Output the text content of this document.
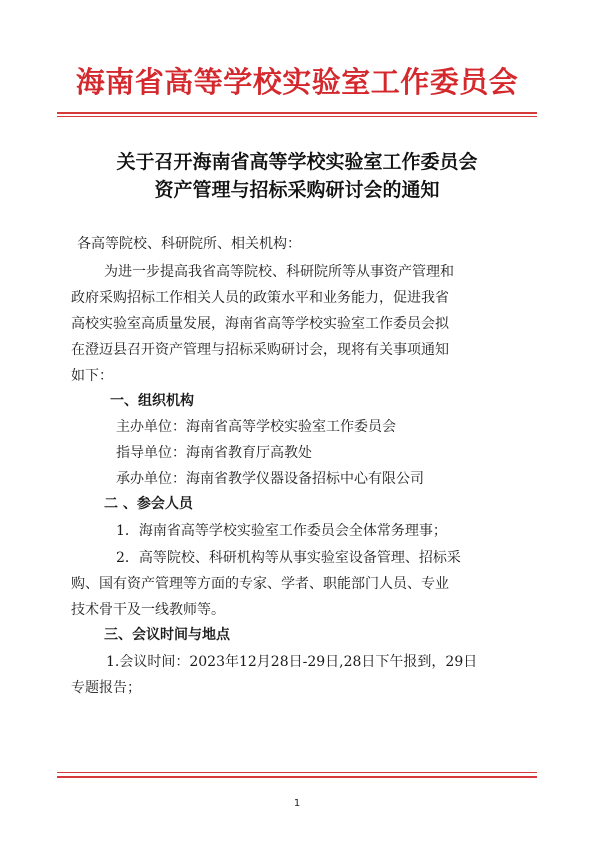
海南省高等学校实验室工作委员会
关于召开海南省高等学校实验室工作委员会
资产管理与招标采购研讨会的通知
各高等院校、科研院所、相关机构：
为进一步提高我省高等院校、科研院所等从事资产管理和
政府采购招标工作相关人员的政策水平和业务能力，促进我省
高校实验室高质量发展，海南省高等学校实验室工作委员会拟
在澄迈县召开资产管理与招标采购研讨会，现将有关事项通知
如下：
一、组织机构
主办单位：海南省高等学校实验室工作委员会
指导单位：海南省教育厅高教处
承办单位：海南省教学仪器设备招标中心有限公司
二 、参会人员
1．海南省高等学校实验室工作委员会全体常务理事；
2．高等院校、科研机构等从事实验室设备管理、招标采
购、国有资产管理等方面的专家、学者、职能部门人员、专业
技术骨干及一线教师等。
三、会议时间与地点
1.会议时间：2023年12月28日-29日,28日下午报到，29日
专题报告；
1
